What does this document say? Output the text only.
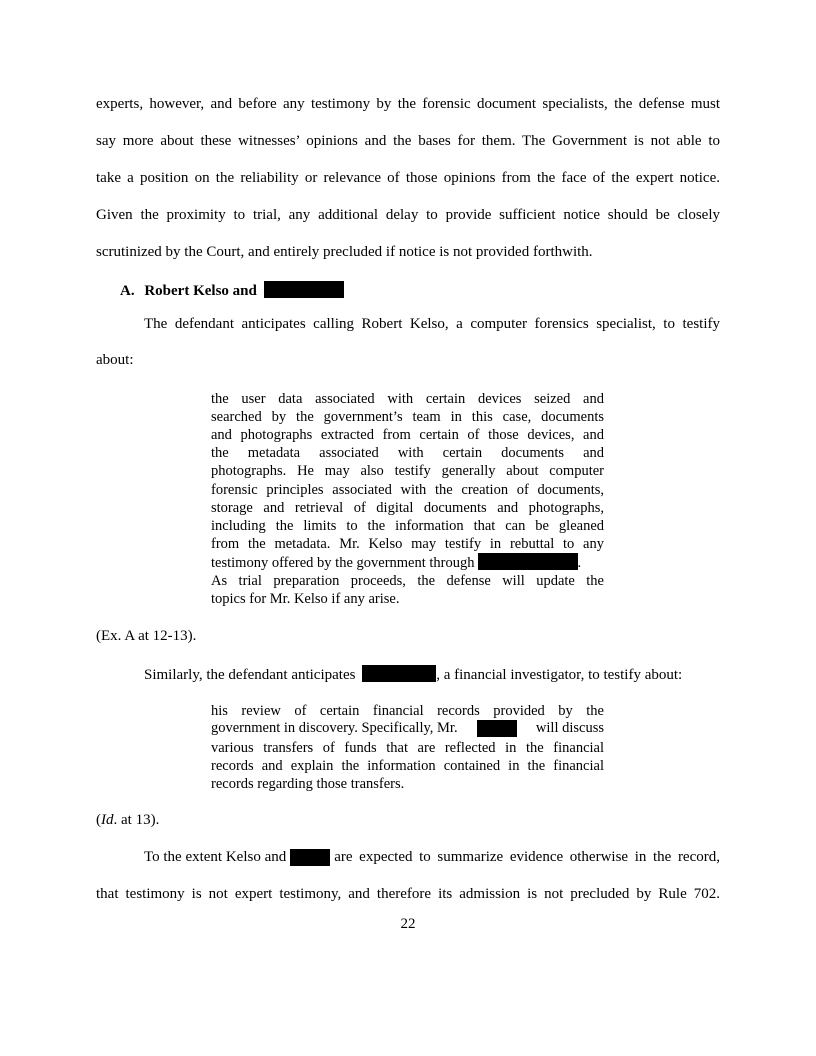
experts, however, and before any testimony by the forensic document specialists, the defense must
say more about these witnesses’ opinions and the bases for them. The Government is not able to
take a position on the reliability or relevance of those opinions from the face of the expert notice.
Given the proximity to trial, any additional delay to provide sufficient notice should be closely
scrutinized by the Court, and entirely precluded if notice is not provided forthwith.
A. Robert Kelso and
The defendant anticipates calling Robert Kelso, a computer forensics specialist, to testify
about:
the user data associated with certain devices seized and
searched by the government’s team in this case, documents
and photographs extracted from certain of those devices, and
the metadata associated with certain documents and
photographs. He may also testify generally about computer
forensic principles associated with the creation of documents,
storage and retrieval of digital documents and photographs,
including the limits to the information that can be gleaned
from the metadata. Mr. Kelso may testify in rebuttal to any
testimony offered by the government through	.
As trial preparation proceeds, the defense will update the
topics for Mr. Kelso if any arise.
(Ex. A at 12-13).
Similarly, the defendant anticipates	, a financial investigator, to testify about:
his review of certain financial records provided by the
government in discovery. Specifically, Mr.	will discuss
various transfers of funds that are reflected in the financial
records and explain the information contained in the financial
records regarding those transfers.
(Id. at 13).
To the extent Kelso and	are expected to summarize evidence otherwise in the record,
that testimony is not expert testimony, and therefore its admission is not precluded by Rule 702.
22
